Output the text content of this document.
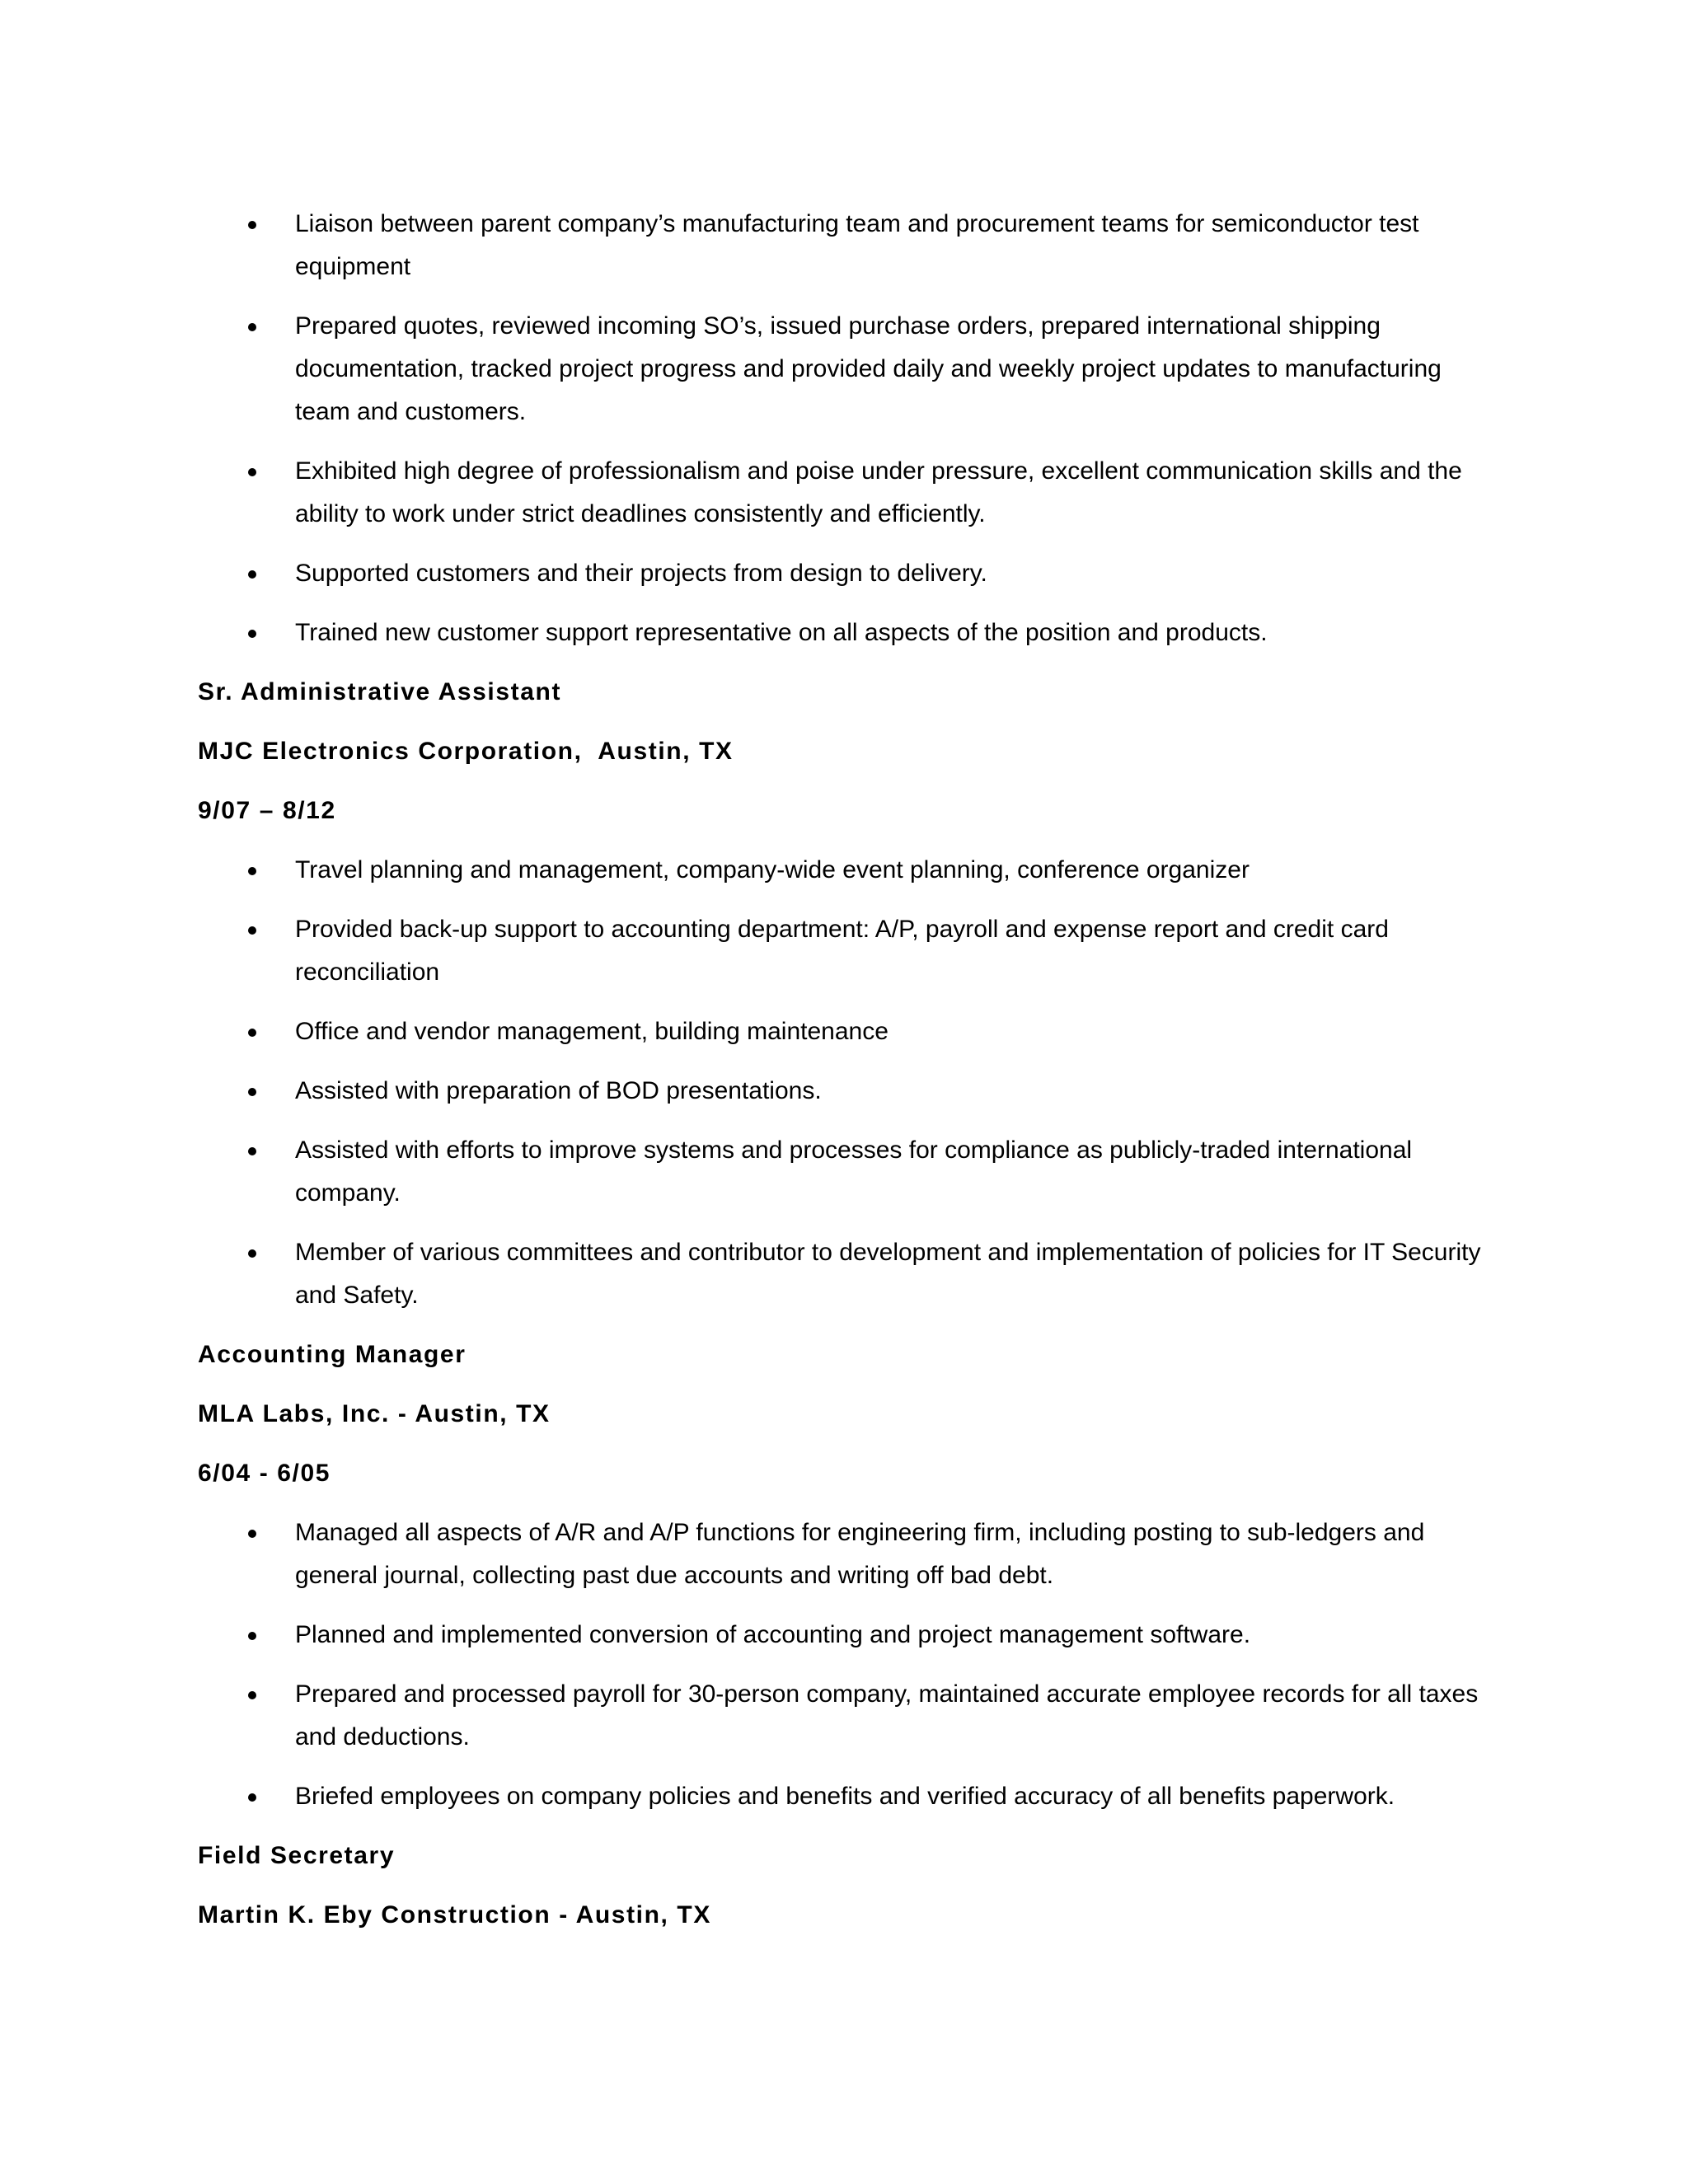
Liaison between parent company’s manufacturing team and procurement teams for semiconductor test equipment
Prepared quotes, reviewed incoming SO’s, issued purchase orders, prepared international shipping documentation, tracked project progress and provided daily and weekly project updates to manufacturing team and customers.
Exhibited high degree of professionalism and poise under pressure, excellent communication skills and the ability to work under strict deadlines consistently and efficiently.
Supported customers and their projects from design to delivery.
Trained new customer support representative on all aspects of the position and products.
Sr. Administrative Assistant
MJC Electronics Corporation,  Austin, TX
9/07 – 8/12
Travel planning and management, company-wide event planning, conference organizer
Provided back-up support to accounting department: A/P, payroll and expense report and credit card reconciliation
Office and vendor management, building maintenance
Assisted with preparation of BOD presentations.
Assisted with efforts to improve systems and processes for compliance as publicly-traded international company.
Member of various committees and contributor to development and implementation of policies for IT Security and Safety.
Accounting Manager
MLA Labs, Inc. - Austin, TX
6/04 - 6/05
Managed all aspects of A/R and A/P functions for engineering firm, including posting to sub-ledgers and general journal, collecting past due accounts and writing off bad debt.
Planned and implemented conversion of accounting and project management software.
Prepared and processed payroll for 30-person company, maintained accurate employee records for all taxes and deductions.
Briefed employees on company policies and benefits and verified accuracy of all benefits paperwork.
Field Secretary
Martin K. Eby Construction - Austin, TX
